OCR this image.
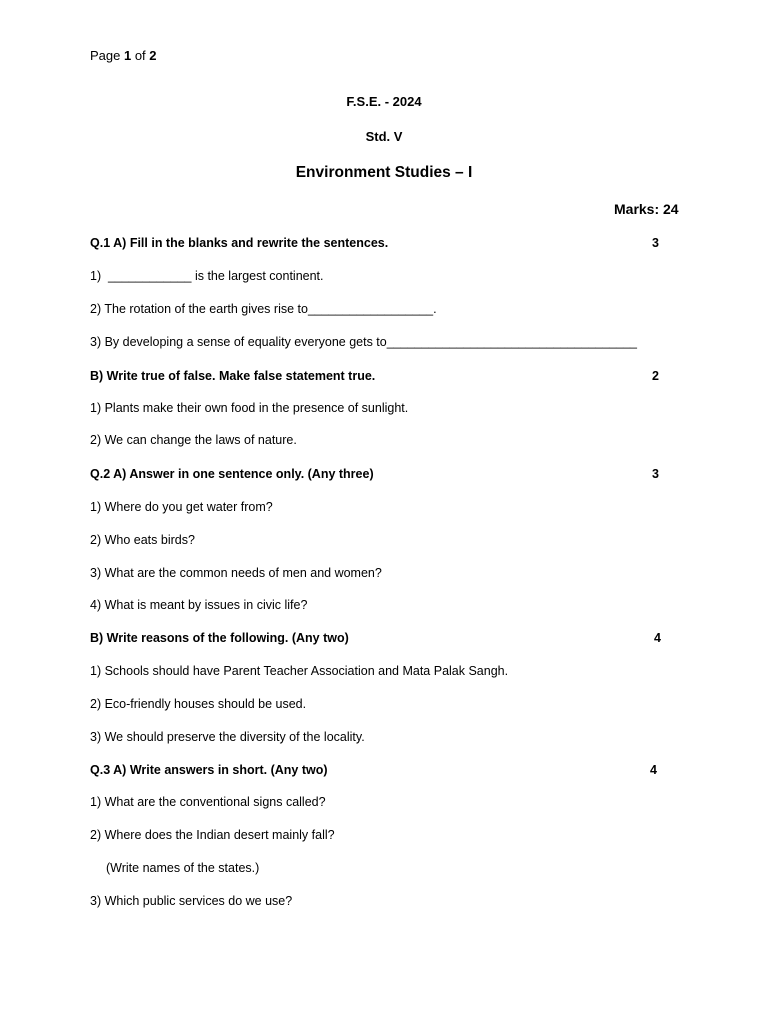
Page 1 of 2
F.S.E. - 2024
Std. V
Environment Studies – I
Marks: 24
Q.1 A) Fill in the blanks and rewrite the sentences.	3
1)  ____________ is the largest continent.
2) The rotation of the earth gives rise to__________________.
3) By developing a sense of equality everyone gets to____________________________________
B) Write true of false. Make false statement true.	2
1) Plants make their own food in the presence of sunlight.
2) We can change the laws of nature.
Q.2 A) Answer in one sentence only. (Any three)	3
1) Where do you get water from?
2) Who eats birds?
3) What are the common needs of men and women?
4) What is meant by issues in civic life?
B) Write reasons of the following. (Any two)	4
1) Schools should have Parent Teacher Association and Mata Palak Sangh.
2) Eco-friendly houses should be used.
3) We should preserve the diversity of the locality.
Q.3 A) Write answers in short. (Any two)	4
1) What are the conventional signs called?
2) Where does the Indian desert mainly fall?
(Write names of the states.)
3) Which public services do we use?
